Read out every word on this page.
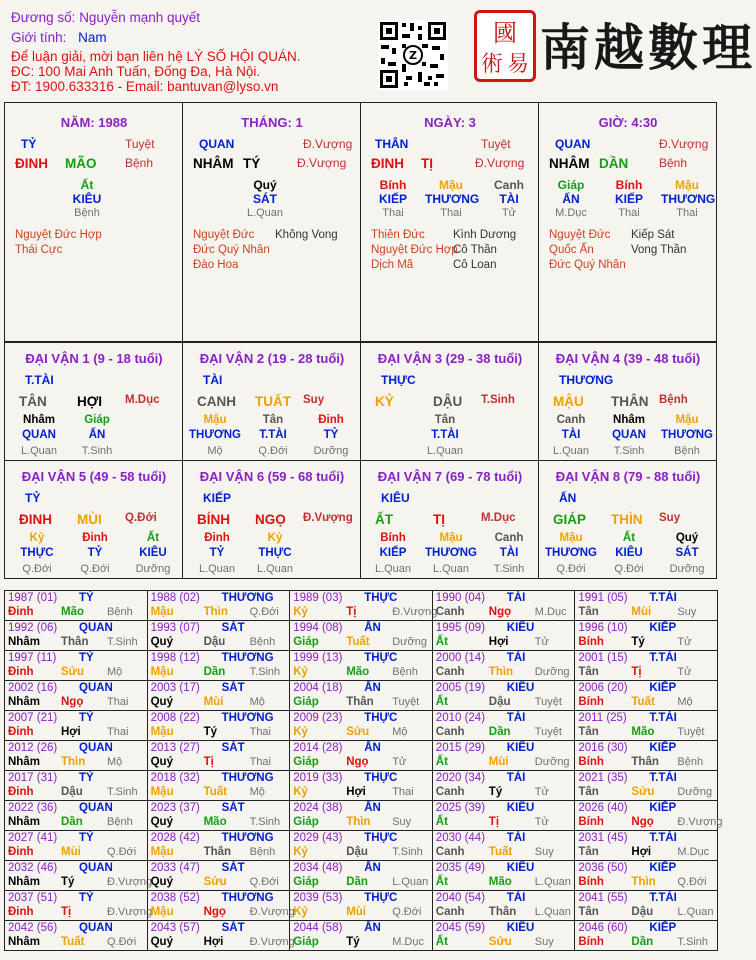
Đương số: Nguyễn mạnh quyết
Giới tính: Nam
Để luận giải, mời bạn liên hệ LÝ SỐ HỘI QUÁN.
ĐC: 100 Mai Anh Tuấn, Đống Đa, Hà Nội.
ĐT: 1900.633316 - Email: bantuvan@lyso.vn
Z
國
術 易 南越數理
NĂM: 1988
TỶ	Tuyệt
ĐINH MÃO Bệnh
Ất
KIÊU
Bệnh
Nguyệt Đức Hợp
Thái Cực
THÁNG: 1
QUAN	Đ.Vượng
NHÂM TÝ	Đ.Vượng
Quý
SÁT
L.Quan
Nguyệt Đức Không Vong
Đức Quý Nhân
Đào Hoa
NGÀY: 3
THÂN	Tuyệt
ĐINH TỊ	Đ.Vượng
Bính
KIẾP
Thai
Mậu
THƯƠNG
Thai
Canh
TÀI
Tử
Thiên Đức Kình Dương
Nguyệt Đức Hợp
Cô Thần
Dịch Mã	Cô Loan
GIỜ: 4:30
QUAN	Đ.Vượng
NHÂM DẦN	Bệnh
Giáp
ẤN
M.Dục
Bính
KIẾP
Thai
Mậu
THƯƠNG
Thai
Nguyệt Đức Kiếp Sát
Quốc Ấn	Vong Thần
Đức Quý Nhân
ĐẠI VẬN 1 (9 - 18 tuổi)
T.TÀI
TÂN HỢI M.Dục
Nhâm
QUAN
L.Quan
Giáp
ẤN
T.Sinh
ĐẠI VẬN 2 (19 - 28 tuổi)
TÀI
CANH TUẤT Suy
Mậu
THƯƠNG
Mộ
Tân
T.TÀI
Q.Đới
Đinh
TỶ
Dưỡng
ĐẠI VẬN 3 (29 - 38 tuổi)
THỰC
KỶ	DẬU T.Sinh
Tân
T.TÀI
L.Quan
ĐẠI VẬN 4 (39 - 48 tuổi)
THƯƠNG
MẬU THÂN Bệnh
Canh
TÀI
L.Quan
Nhâm
QUAN
T.Sinh
Mậu
THƯƠNG
Bệnh
ĐẠI VẬN 5 (49 - 58 tuổi)
TỶ
ĐINH MÙI Q.Đới
Kỷ
THỰC
Q.Đới
Đinh
TỶ
Q.Đới
Ất
KIÊU
Dưỡng
ĐẠI VẬN 6 (59 - 68 tuổi)
KIẾP
BÍNH NGỌ Đ.Vượng
Đinh
TỶ
L.Quan
Kỷ
THỰC
L.Quan
ĐẠI VẬN 7 (69 - 78 tuổi)
KIÊU
ẤT	TỊ	M.Dục
Bính
KIẾP
L.Quan
Mậu
THƯƠNG
L.Quan
Canh
TÀI
T.Sinh
ĐẠI VẬN 8 (79 - 88 tuổi)
ẤN
GIÁP THÌN Suy
Mậu
THƯƠNG
Q.Đới
Ất
KIÊU
Q.Đới
Quý
SÁT
Dưỡng
1987 (01) TỶ
Đinh Mão Bệnh
1988 (02) THƯƠNG
Mậu	Thìn Q.Đới
1989 (03) THỰC
Kỷ	Tị	Đ.Vượng
1990 (04) TÀI
Canh Ngọ M.Dục
1991 (05) T.TÀI
Tân	Mùi Suy
1992 (06) QUAN
Nhâm Thân T.Sinh
1993 (07) SÁT
Quý	Dậu Bệnh
1994 (08) ẤN
Giáp Tuất Dưỡng
1995 (09) KIÊU
Ất	Hợi Tử
1996 (10) KIẾP
Bính Tý	Tử
1997 (11) TỶ
Đinh Sửu Mộ
1998 (12) THƯƠNG
Mậu	Dần T.Sinh
1999 (13) THỰC
Kỷ	Mão Bệnh
2000 (14) TÀI
Canh Thìn Dưỡng
2001 (15) T.TÀI
Tân	Tị	Tử
2002 (16) QUAN
Nhâm Ngọ Thai
2003 (17) SÁT
Quý	Mùi Mộ
2004 (18) ẤN
Giáp Thân Tuyệt
2005 (19) KIÊU
Ất	Dậu Tuyệt
2006 (20) KIẾP
Bính Tuất Mộ
2007 (21) TỶ
Đinh Hợi Thai
2008 (22) THƯƠNG
Mậu	Tý	Thai
2009 (23) THỰC
Kỷ	Sửu Mộ
2010 (24) TÀI
Canh Dần Tuyệt
2011 (25) T.TÀI
Tân	Mão Tuyệt
2012 (26) QUAN
Nhâm Thìn Mộ
2013 (27) SÁT
Quý	Tị	Thai
2014 (28) ẤN
Giáp Ngọ Tử
2015 (29) KIÊU
Ất	Mùi Dưỡng
2016 (30) KIẾP
Bính Thân Bệnh
2017 (31) TỶ
Đinh Dậu T.Sinh
2018 (32) THƯƠNG
Mậu	Tuất Mộ
2019 (33) THỰC
Kỷ	Hợi Thai
2020 (34) TÀI
Canh Tý	Tử
2021 (35) T.TÀI
Tân	Sửu Dưỡng
2022 (36) QUAN
Nhâm Dần Bệnh
2023 (37) SÁT
Quý	Mão T.Sinh
2024 (38) ẤN
Giáp Thìn Suy
2025 (39) KIÊU
Ất	Tị	Tử
2026 (40) KIẾP
Bính Ngọ Đ.Vượng
2027 (41) TỶ
Đinh Mùi Q.Đới
2028 (42) THƯƠNG
Mậu	Thân Bệnh
2029 (43) THỰC
Kỷ	Dậu T.Sinh
2030 (44) TÀI
Canh Tuất Suy
2031 (45) T.TÀI
Tân	Hợi M.Dục
2032 (46) QUAN
Nhâm Tý	Đ.Vượng
2033 (47) SÁT
Quý	Sửu Q.Đới
2034 (48) ẤN
Giáp Dần L.Quan
2035 (49) KIÊU
Ất	Mão L.Quan
2036 (50) KIẾP
Bính Thìn Q.Đới
2037 (51) TỶ
Đinh Tị	Đ.Vượng
2038 (52) THƯƠNG
Mậu	Ngọ Đ.Vượng
2039 (53) THỰC
Kỷ	Mùi Q.Đới
2040 (54) TÀI
Canh Thân L.Quan
2041 (55) T.TÀI
Tân	Dậu L.Quan
2042 (56) QUAN
Nhâm Tuất Q.Đới
2043 (57) SÁT
Quý	Hợi Đ.Vượng
2044 (58) ẤN
Giáp Tý	M.Dục
2045 (59) KIÊU
Ất	Sửu Suy
2046 (60) KIẾP
Bính Dần T.Sinh
